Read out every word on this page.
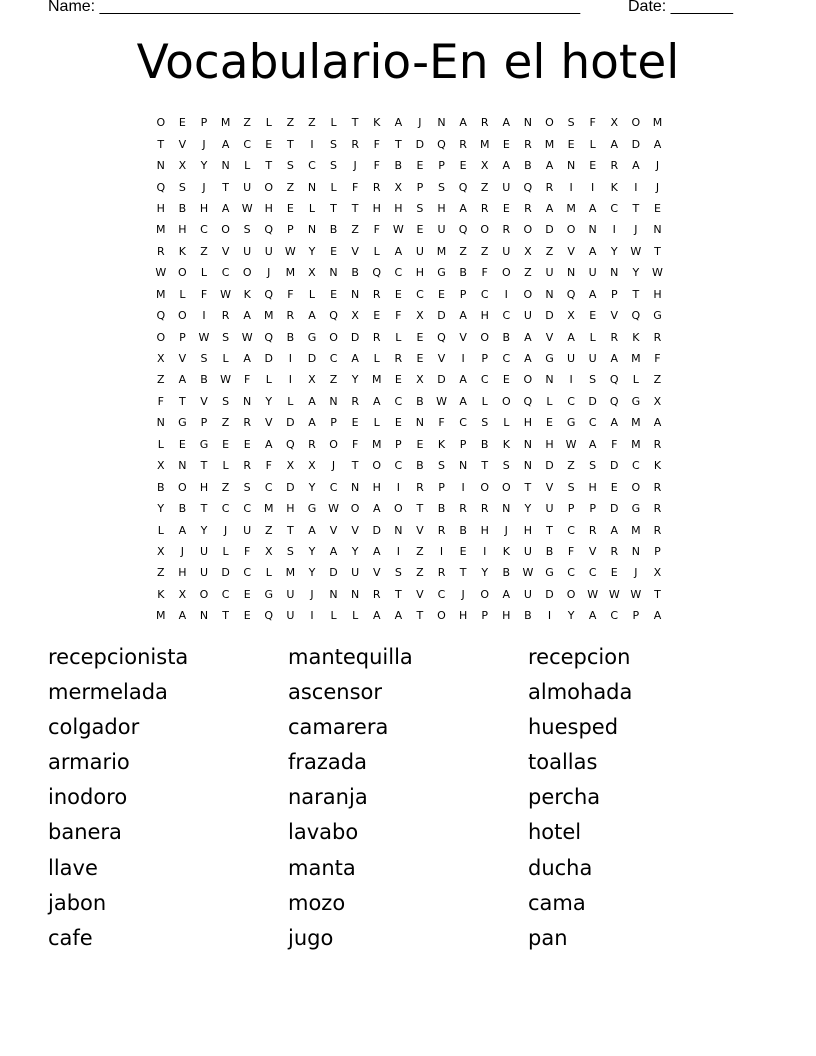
Name: ______________________________________________________	Date: _______
Vocabulario-En el hotel
O	E	P	M	Z	L	Z	Z	L	T	K	A	J	N	A	R	A	N	O	S	F	X	O	M
T	V	J	A	C	E	T	I	S	R	F	T	D	Q	R	M	E	R	M	E	L	A	D	A
N	X	Y	N	L	T	S	C	S	J	F	B	E	P	E	X	A	B	A	N	E	R	A	J
Q	S	J	T	U	O	Z	N	L	F	R	X	P	S	Q	Z	U	Q	R	I	I	K	I	J
H	B	H	A	W	H	E	L	T	T	H	H	S	H	A	R	E	R	A	M	A	C	T	E
M	H	C	O	S	Q	P	N	B	Z	F	W	E	U	Q	O	R	O	D	O	N	I	J	N
R	K	Z	V	U	U	W	Y	E	V	L	A	U	M	Z	Z	U	X	Z	V	A	Y	W	T
W	O	L	C	O	J	M	X	N	B	Q	C	H	G	B	F	O	Z	U	N	U	N	Y	W
M	L	F	W	K	Q	F	L	E	N	R	E	C	E	P	C	I	O	N	Q	A	P	T	H
Q	O	I	R	A	M	R	A	Q	X	E	F	X	D	A	H	C	U	D	X	E	V	Q	G
O	P	W	S	W	Q	B	G	O	D	R	L	E	Q	V	O	B	A	V	A	L	R	K	R
X	V	S	L	A	D	I	D	C	A	L	R	E	V	I	P	C	A	G	U	U	A	M	F
Z	A	B	W	F	L	I	X	Z	Y	M	E	X	D	A	C	E	O	N	I	S	Q	L	Z
F	T	V	S	N	Y	L	A	N	R	A	C	B	W	A	L	O	Q	L	C	D	Q	G	X
N	G	P	Z	R	V	D	A	P	E	L	E	N	F	C	S	L	H	E	G	C	A	M	A
L	E	G	E	E	A	Q	R	O	F	M	P	E	K	P	B	K	N	H	W	A	F	M	R
X	N	T	L	R	F	X	X	J	T	O	C	B	S	N	T	S	N	D	Z	S	D	C	K
B	O	H	Z	S	C	D	Y	C	N	H	I	R	P	I	O	O	T	V	S	H	E	O	R
Y	B	T	C	C	M	H	G	W	O	A	O	T	B	R	R	N	Y	U	P	P	D	G	R
L	A	Y	J	U	Z	T	A	V	V	D	N	V	R	B	H	J	H	T	C	R	A	M	R
X	J	U	L	F	X	S	Y	A	Y	A	I	Z	I	E	I	K	U	B	F	V	R	N	P
Z	H	U	D	C	L	M	Y	D	U	V	S	Z	R	T	Y	B	W	G	C	C	E	J	X
K	X	O	C	E	G	U	J	N	N	R	T	V	C	J	O	A	U	D	O	W W W	T
M	A	N	T	E	Q	U	I	L	L	A	A	T	O	H	P	H	B	I	Y	A	C	P	A
recepcionista	mantequilla	recepcion
mermelada	ascensor	almohada
colgador	camarera	huesped
armario	frazada	toallas
inodoro	naranja	percha
banera	lavabo	hotel
llave	manta	ducha
jabon	mozo	cama
cafe	jugo	pan
